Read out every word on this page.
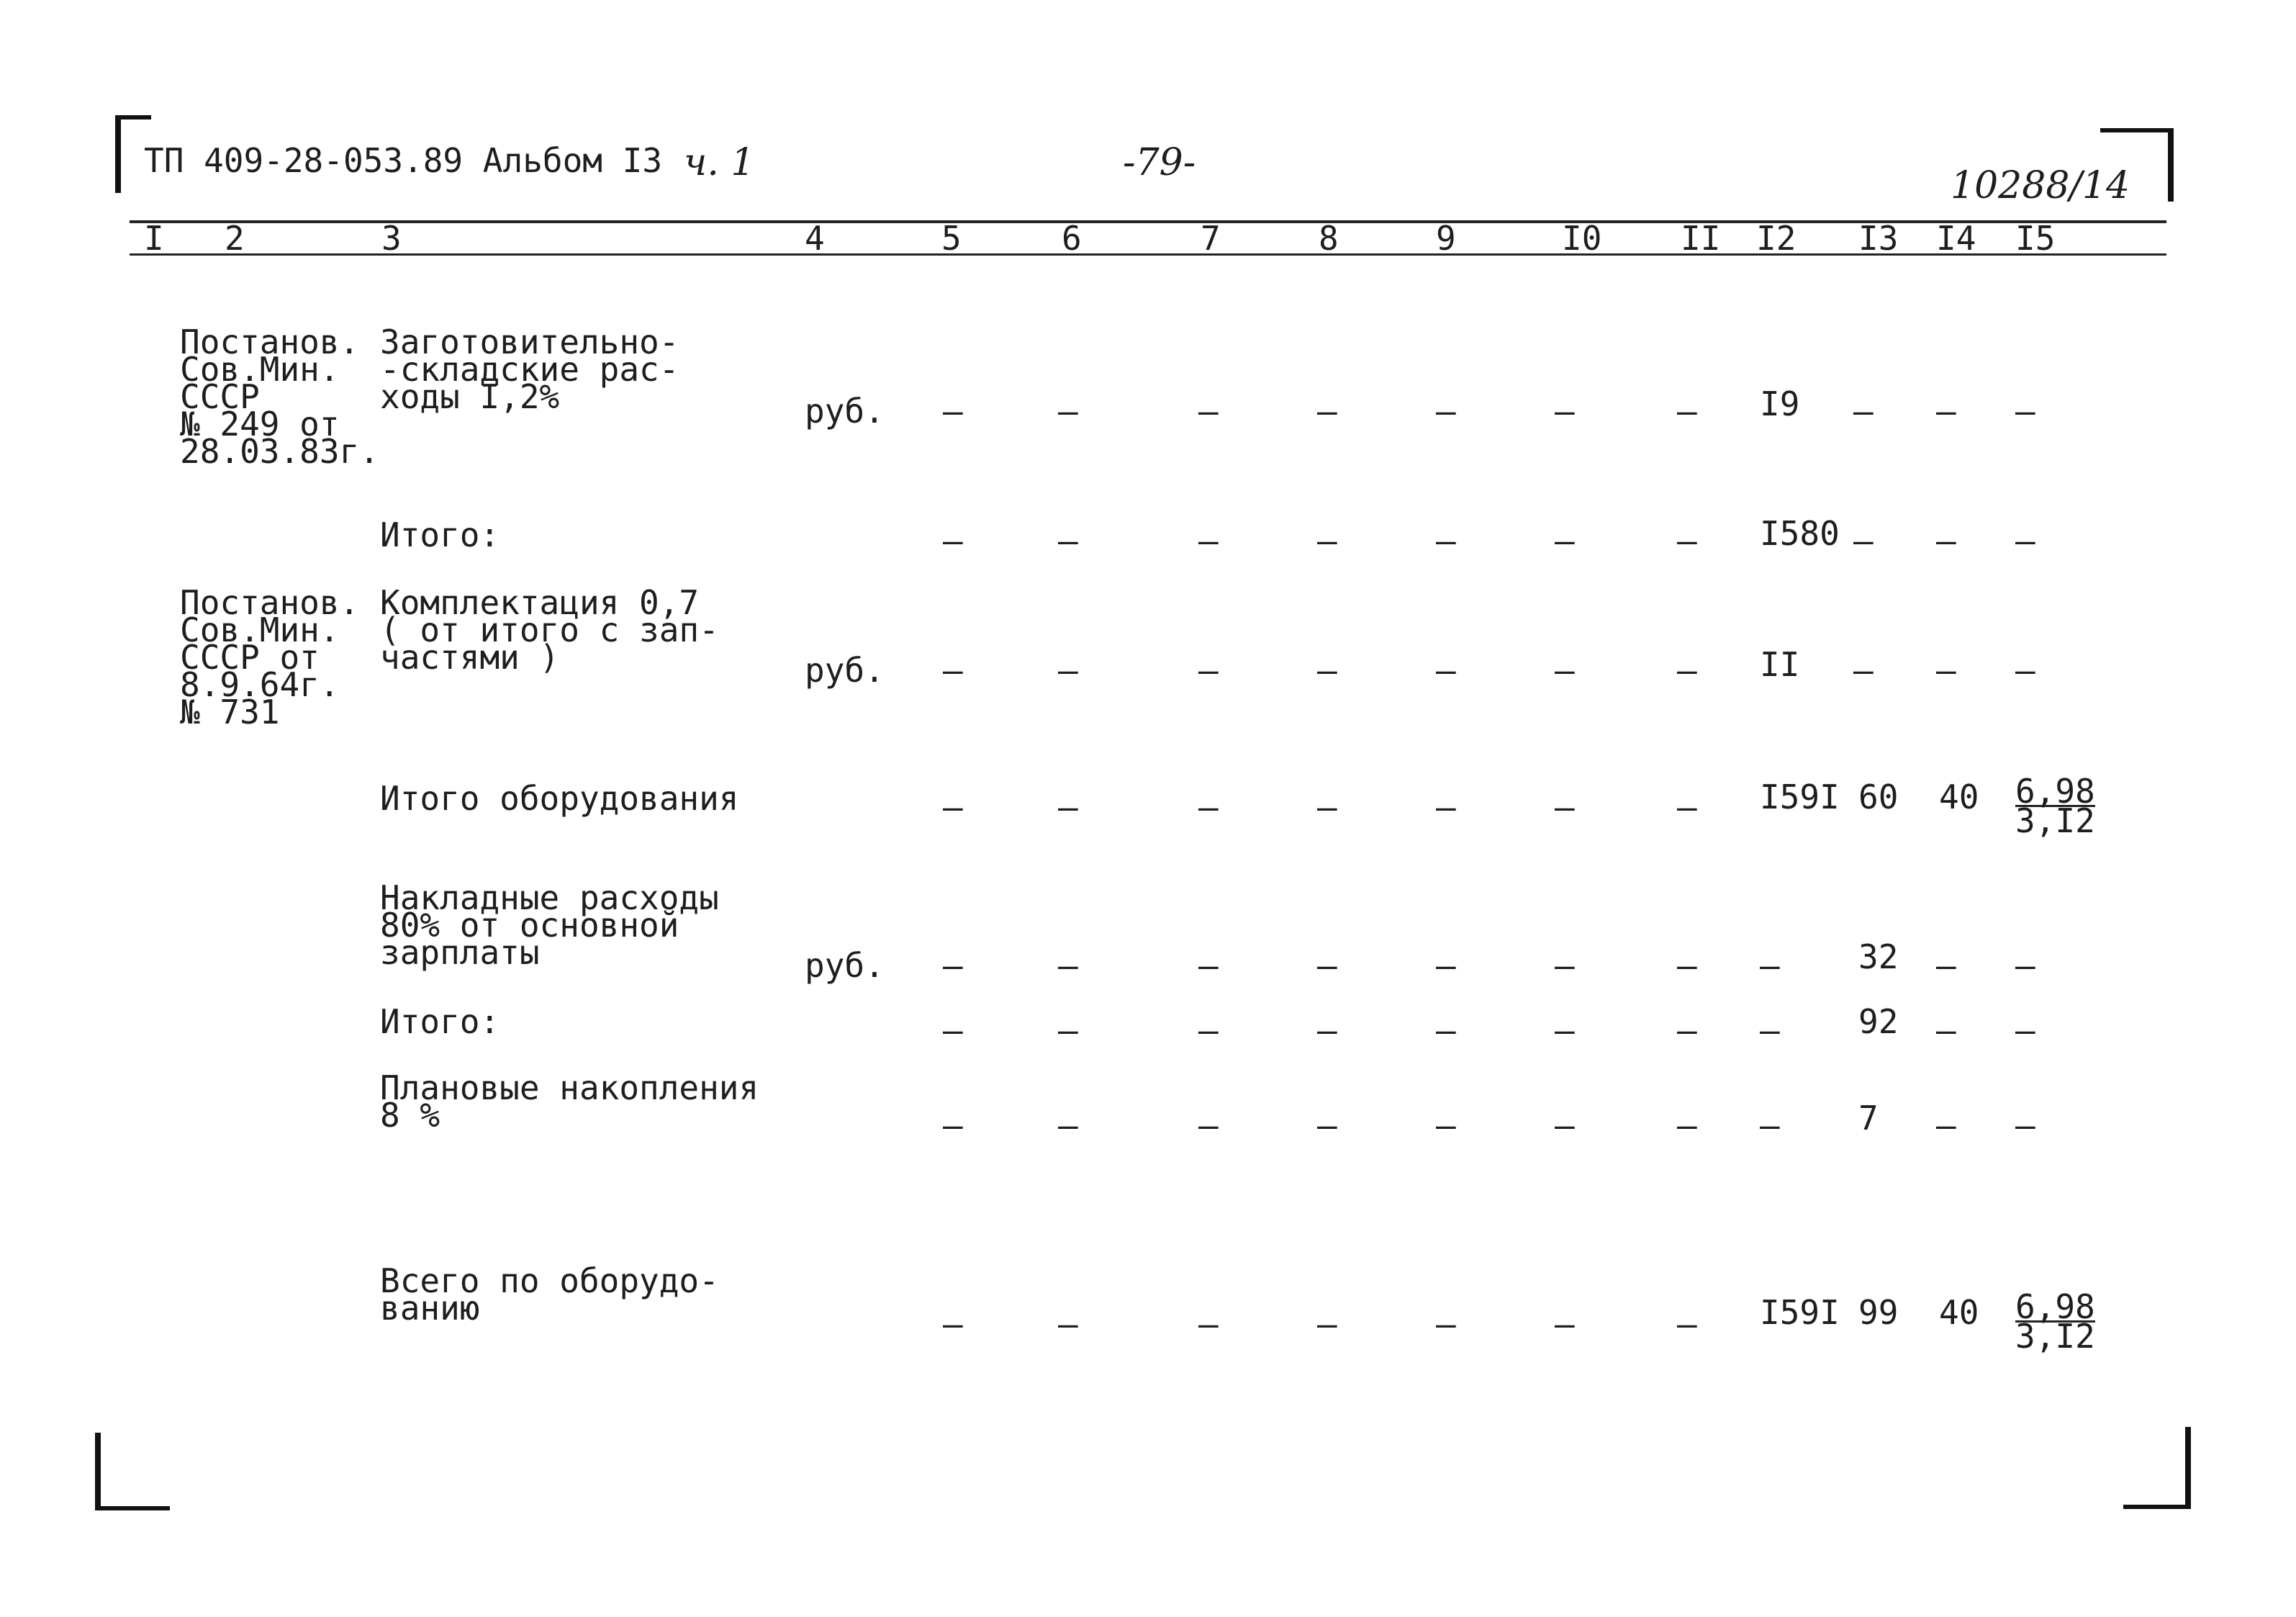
ТП 409-28-053.89 Альбом I3 ч. 1	-79-
10288/14
I 2	3	4	5	6	7	8	9	I0 II I2 I3 I4 I5
Постанов.
Сов.Мин.
СССР
№ 249 от
28.03.83г.
Заготовительно-
-складские рас-
ходы I,2%	руб. –	–	–	–	–	–	– I9 – – –
Итого:	–	–	–	–	–	–	– I580 – – –
Постанов.
Сов.Мин.
СССР от
8.9.64г.
№ 731
Комплектация 0,7
( от итого с зап-
частями )	руб. –	–	–	–	–	–	– II – – –
Итого оборудования	–	–	–	–	–	–	– I59I 60 $40 \frac{6,98}{3,I2}$
Накладные расходы
80% от основной
зарплаты	руб. –	–	–	–	–	–	– – 32 – –
Итого:	–	–	–	–	–	–	– – 92 – –
Плановые накопления
8 %	–	–	–	–	–	–	– – 7 – –
Всего по оборудо-
ванию	–	–	–	–	–	–	– I59I 99 $40 \frac{6,98}{3,I2}$
